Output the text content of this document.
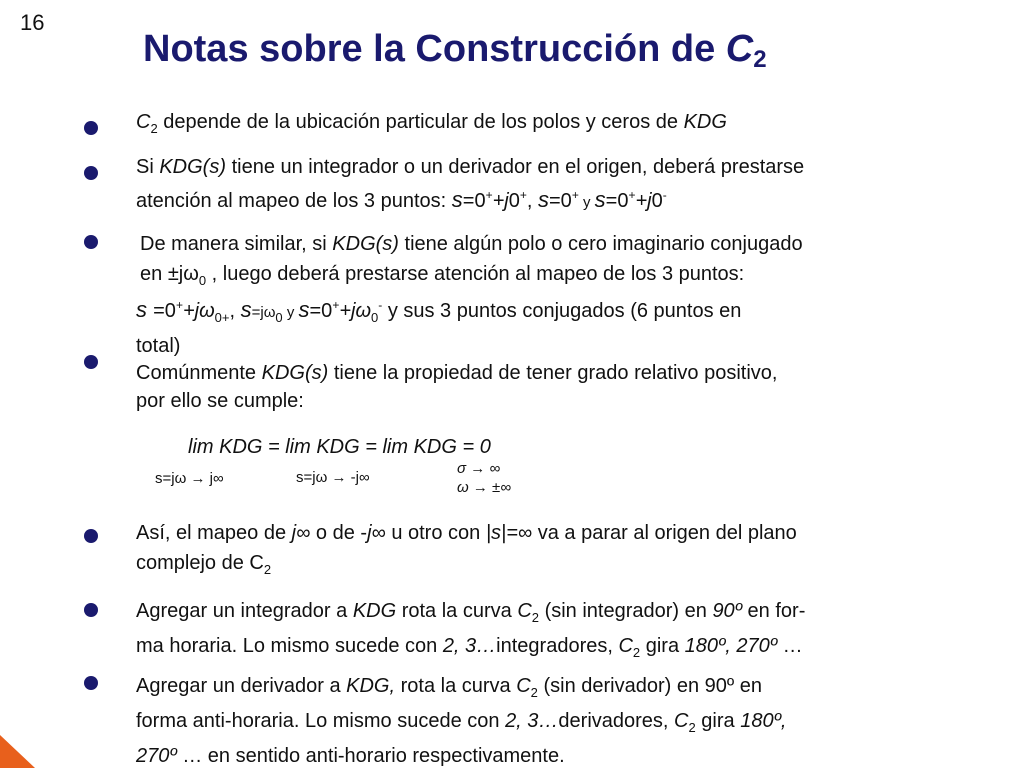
16
Notas sobre la Construcción de $C_2$
$C_2$ depende de la ubicación particular de los polos y ceros de KDG
Si KDG(s) tiene un integrador o un derivador en el origen, deberá prestarse
atención al mapeo de los 3 puntos: s=0++j0+, s=0+ y s=0++j0-
De manera similar, si KDG(s) tiene algún polo o cero imaginario conjugado
en $\pm j\omega_0$ , luego deberá prestarse atención al mapeo de los 3 puntos:
$s =0^++j\omega_{0+}$, $s=j\omega_0$ y $s=0^++j\omega_0^-$ y sus 3 puntos conjugados (6 puntos en
total)
Comúnmente KDG(s) tiene la propiedad de tener grado relativo positivo,
por ello se cumple:
lim KDG = lim KDG = lim KDG = 0
s=jω → j∞	s=jω → -j∞
σ → ∞
ω → ±∞
Así, el mapeo de j∞ o de -j∞ u otro con |s|=∞ va a parar al origen del plano
complejo de $C_2$
Agregar un integrador a KDG rota la curva $C_2$ (sin integrador) en 90º en for-
ma horaria. Lo mismo sucede con 2, 3…integradores, $C_2$ gira 180º, 270º …
Agregar un derivador a KDG, rota la curva $C_2$ (sin derivador) en 90º en
forma anti-horaria. Lo mismo sucede con 2, 3…derivadores, $C_2$ gira 180º,
270º … en sentido anti-horario respectivamente.
